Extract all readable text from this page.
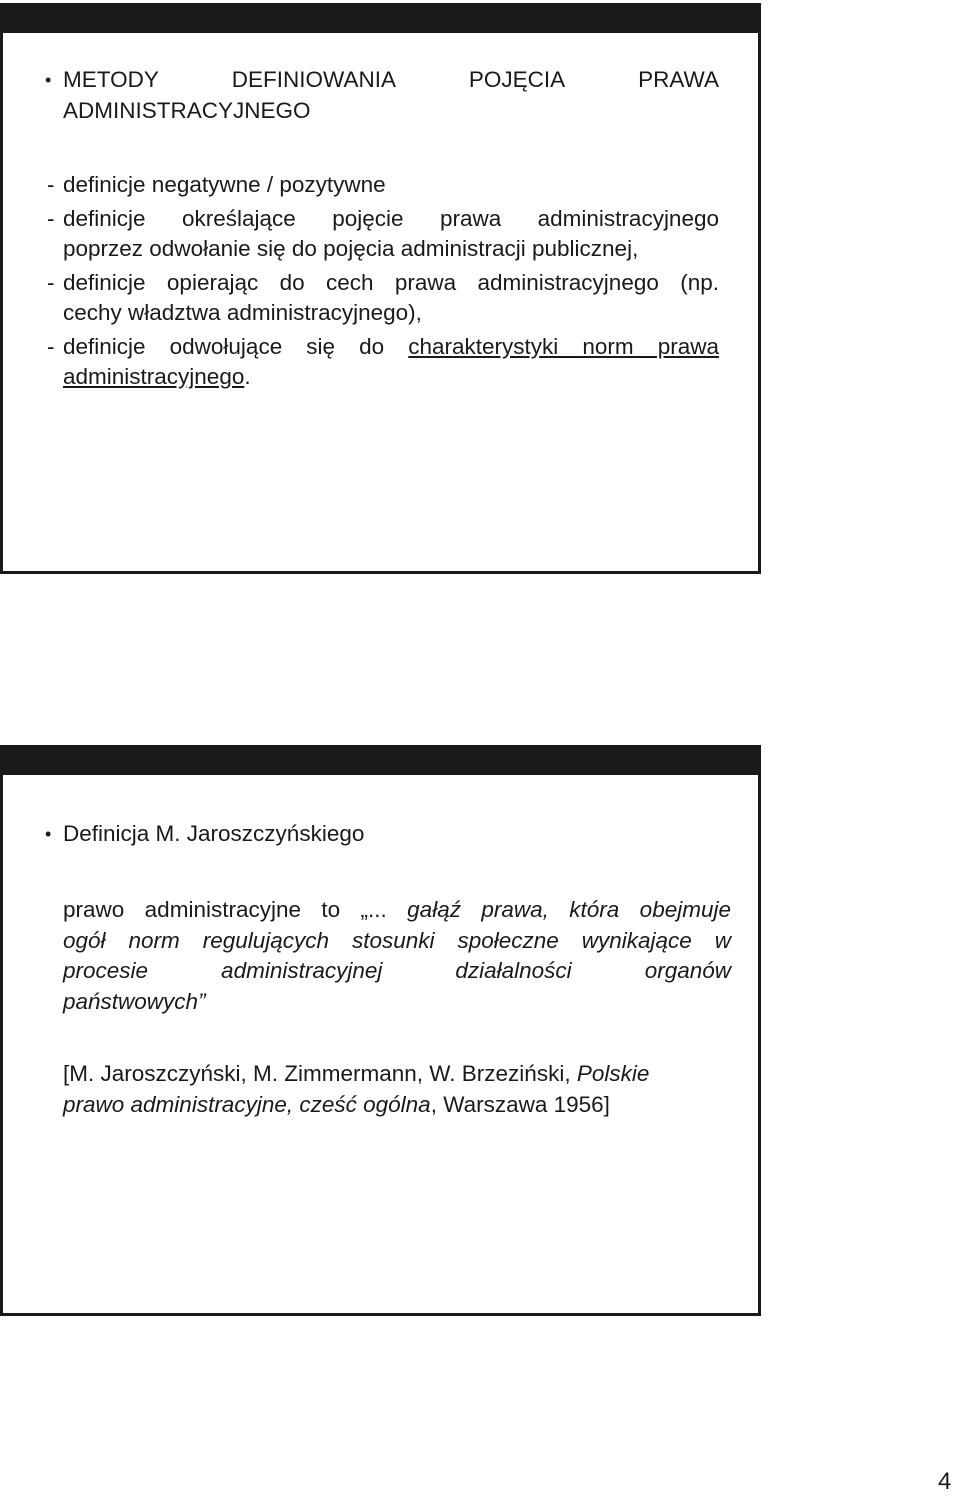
• METODY	DEFINIOWANIA	POJĘCIA	PRAWA
ADMINISTRACYJNEGO
- definicje negatywne / pozytywne
- definicje określające pojęcie prawa administracyjnego
poprzez odwołanie się do pojęcia administracji publicznej,
- definicje opierając do cech prawa administracyjnego (np.
cechy władztwa administracyjnego),
- definicje odwołujące się do charakterystyki norm prawa
administracyjnego.
• Definicja M. Jaroszczyńskiego
prawo administracyjne to „... gałąź prawa, która obejmuje
ogół norm regulujących stosunki społeczne wynikające w
procesie administracyjnej działalności organów
państwowych”
[M. Jaroszczyński, M. Zimmermann, W. Brzeziński, Polskie
prawo administracyjne, cześć ogólna, Warszawa 1956]
4
